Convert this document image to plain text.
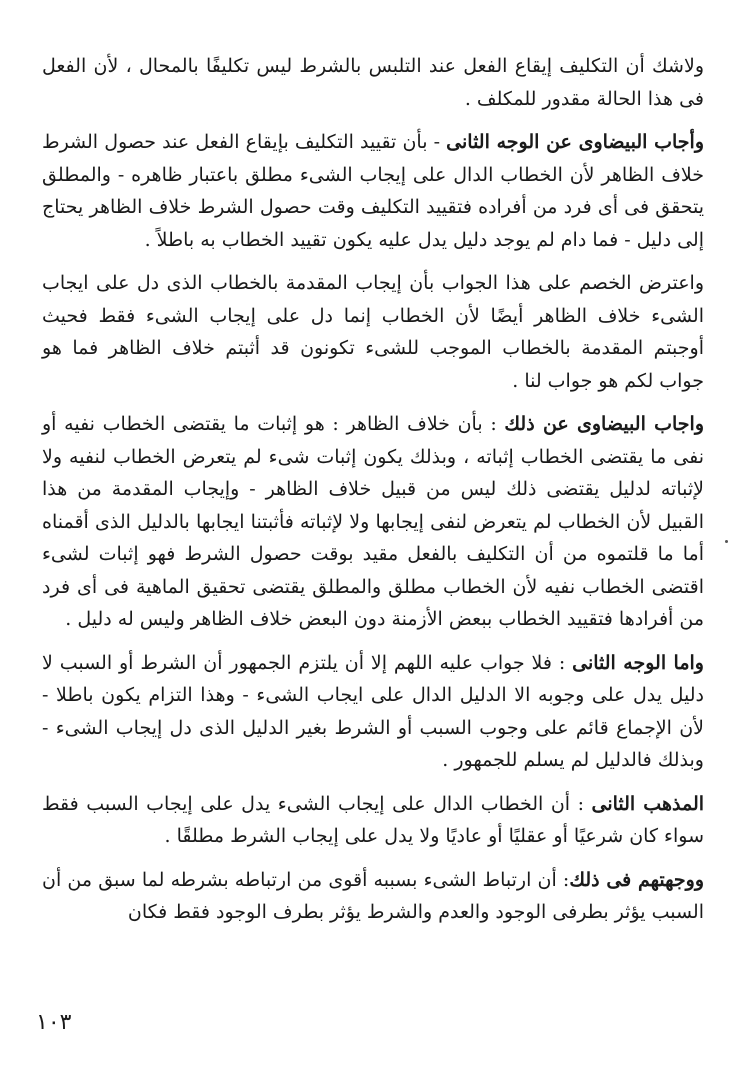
ولاشك أن التكليف إيقاع الفعل عند التلبس بالشرط ليس تكليفًا بالمحال ، لأن الفعل فى هذا الحالة مقدور للمكلف .

وأجاب البيضاوى عن الوجه الثانى - بأن تقييد التكليف بإيقاع الفعل عند حصول الشرط خلاف الظاهر لأن الخطاب الدال على إيجاب الشىء مطلق باعتبار ظاهره - والمطلق يتحقق فى أى فرد من أفراده فتقييد التكليف وقت حصول الشرط خلاف الظاهر يحتاج إلى دليل - فما دام لم يوجد دليل يدل عليه يكون تقييد الخطاب به باطلاً .

واعترض الخصم على هذا الجواب بأن إيجاب المقدمة بالخطاب الذى دل على ايجاب الشىء خلاف الظاهر أيضًا لأن الخطاب إنما دل على إيجاب الشىء فقط فحيث أوجبتم المقدمة بالخطاب الموجب للشىء تكونون قد أثبتم خلاف الظاهر فما هو جواب لكم هو جواب لنا .

واجاب البيضاوى عن ذلك : بأن خلاف الظاهر : هو إثبات ما يقتضى الخطاب نفيه أو نفى ما يقتضى الخطاب إثباته ، وبذلك يكون إثبات شىء لم يتعرض الخطاب لنفيه ولا لإثباته لدليل يقتضى ذلك ليس من قبيل خلاف الظاهر - وإيجاب المقدمة من هذا القبيل لأن الخطاب لم يتعرض لنفى إيجابها ولا لإثباته فأثبتنا ايجابها بالدليل الذى أقمناه أما ما قلتموه من أن التكليف بالفعل مقيد بوقت حصول الشرط فهو إثبات لشىء اقتضى الخطاب نفيه لأن الخطاب مطلق والمطلق يقتضى تحقيق الماهية فى أى فرد من أفرادها فتقييد الخطاب ببعض الأزمنة دون البعض خلاف الظاهر وليس له دليل .

واما الوجه الثانى : فلا جواب عليه اللهم إلا أن يلتزم الجمهور أن الشرط أو السبب لا دليل يدل على وجوبه الا الدليل الدال على ايجاب الشىء - وهذا التزام يكون باطلا - لأن الإجماع قائم على وجوب السبب أو الشرط بغير الدليل الذى دل إيجاب الشىء - وبذلك فالدليل لم يسلم للجمهور .

المذهب الثانى : أن الخطاب الدال على إيجاب الشىء يدل على إيجاب السبب فقط سواء كان شرعيًا أو عقليًا أو عاديًا ولا يدل على إيجاب الشرط مطلقًا .

ووجهتهم فى ذلك: أن ارتباط الشىء بسببه أقوى من ارتباطه بشرطه لما سبق من أن السبب يؤثر بطرفى الوجود والعدم والشرط يؤثر بطرف الوجود فقط فكان

١٠٣
